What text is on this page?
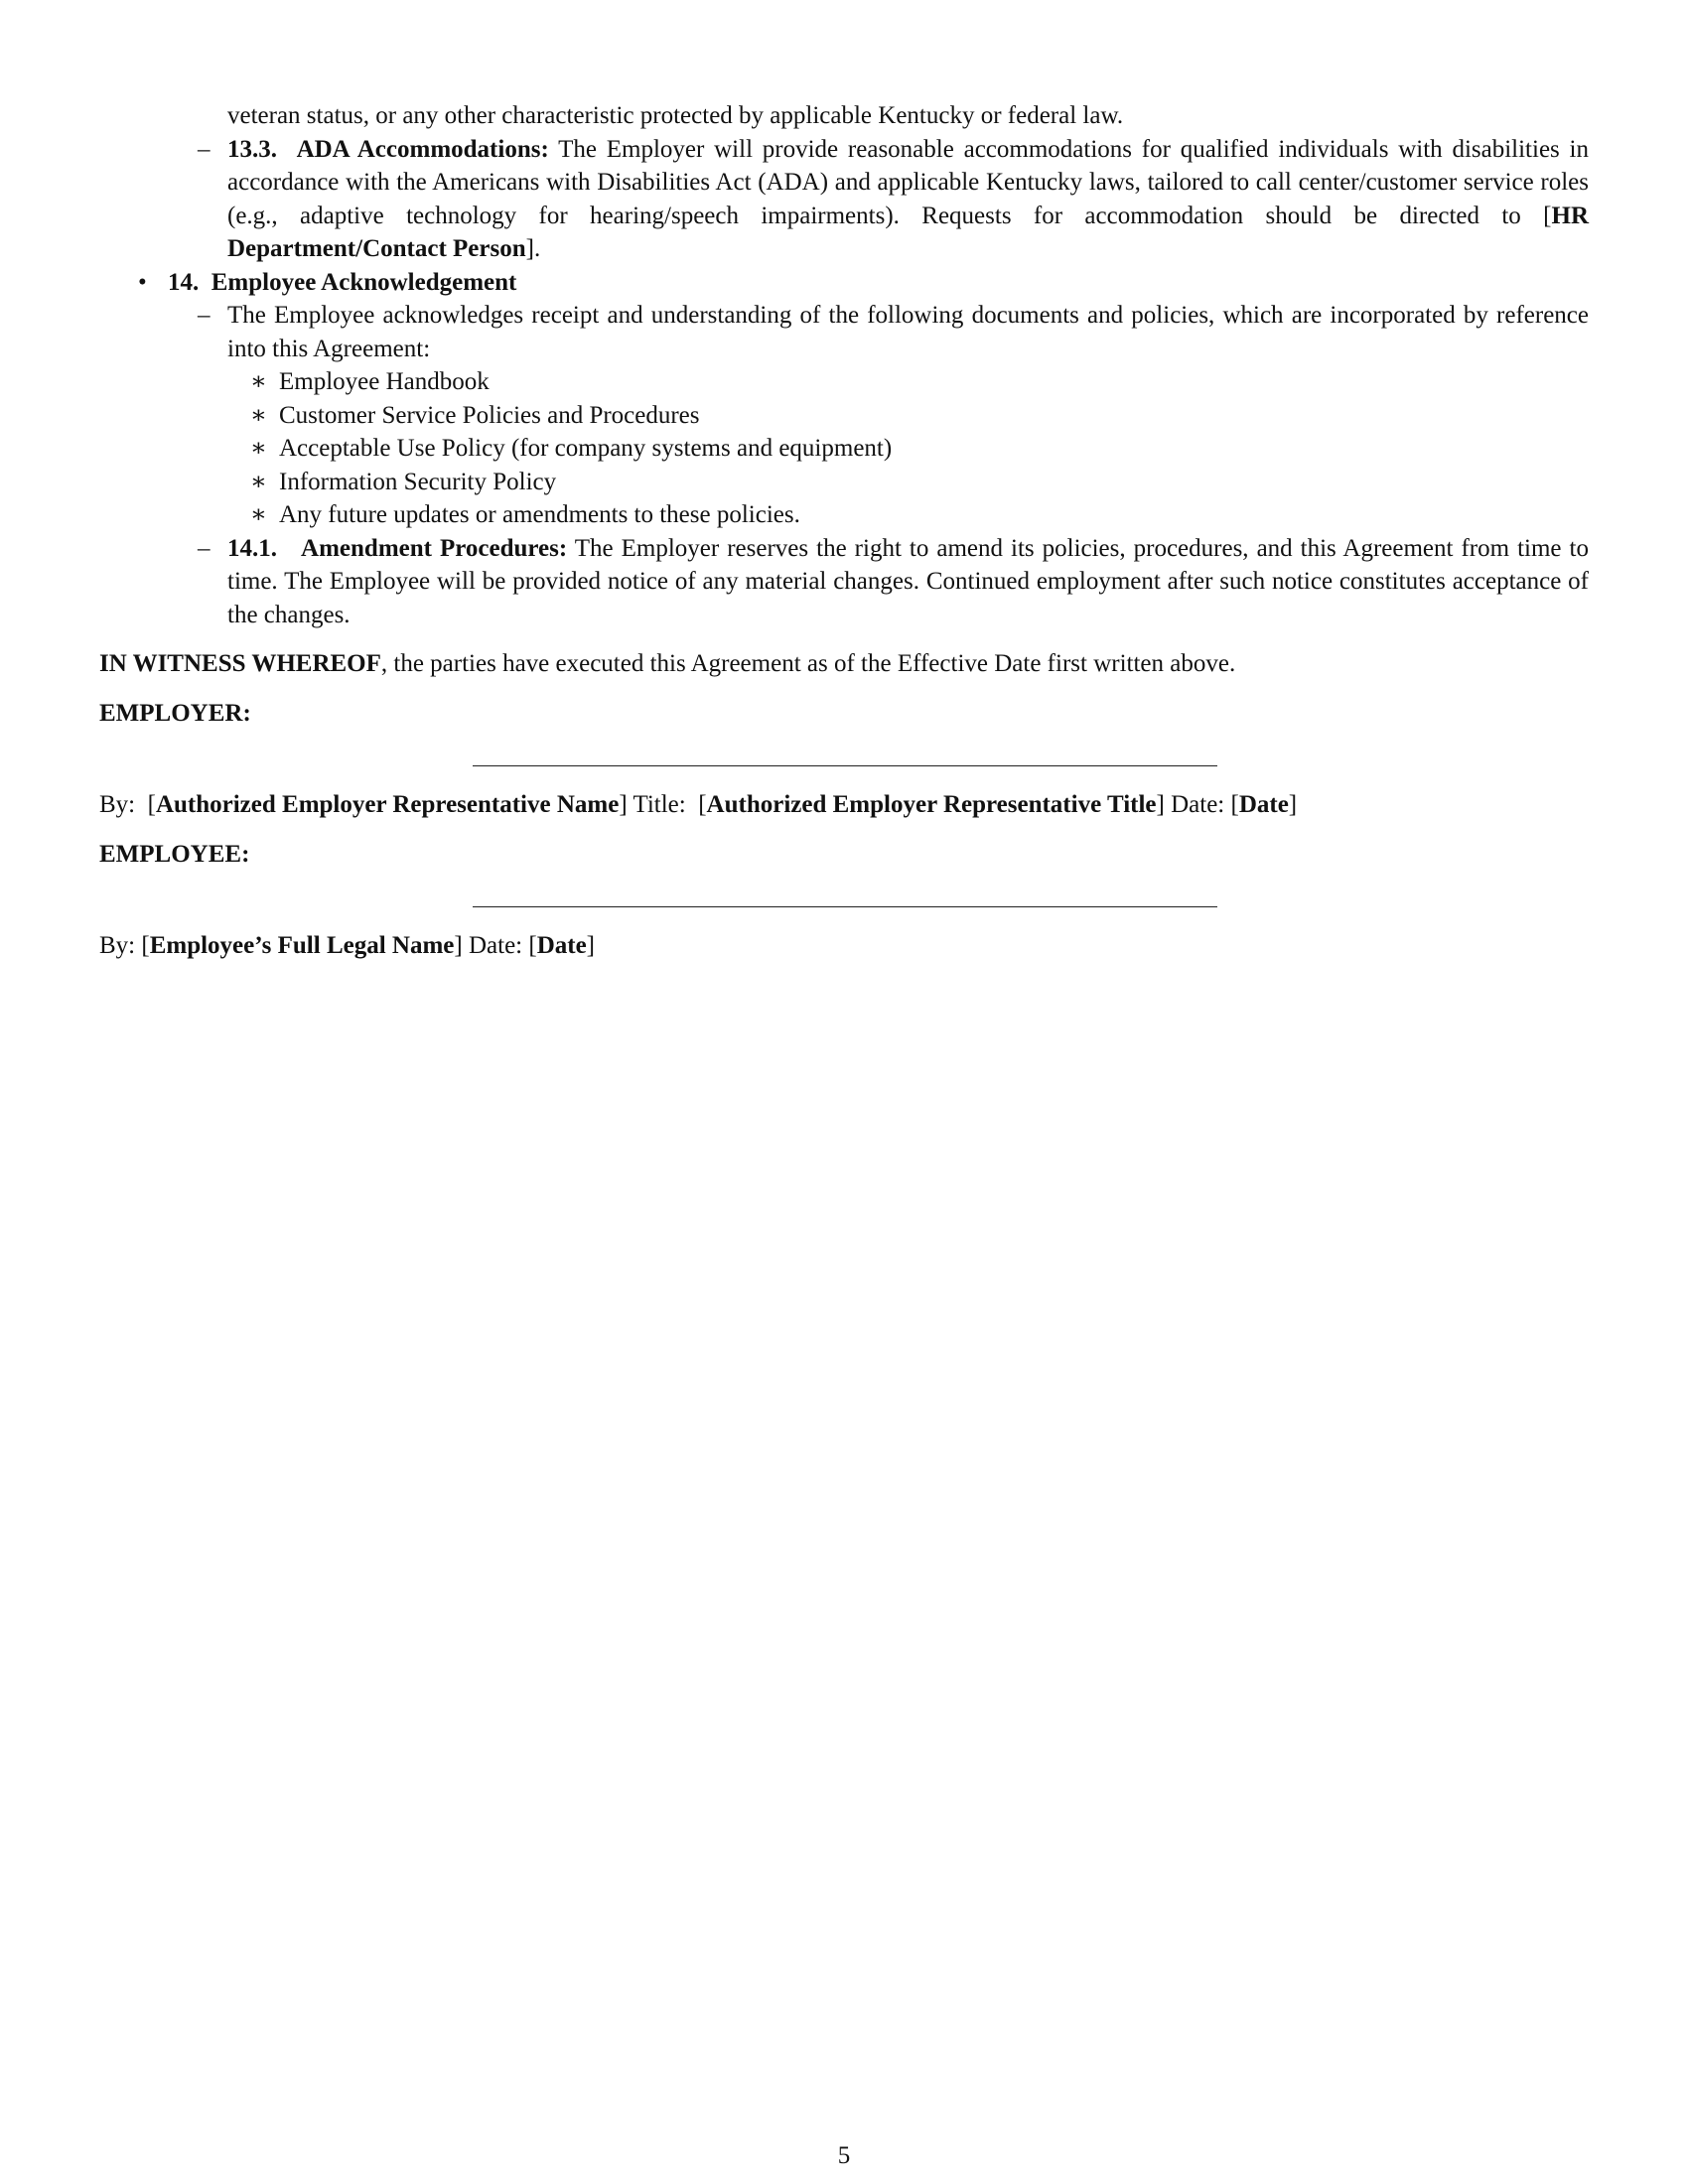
veteran status, or any other characteristic protected by applicable Kentucky or federal law.
– 13.3. ADA Accommodations: The Employer will provide reasonable accommodations for qualified individuals with disabilities in accordance with the Americans with Disabilities Act (ADA) and applicable Kentucky laws, tailored to call center/customer service roles (e.g., adaptive technology for hearing/speech impairments). Requests for accommodation should be directed to [HR Department/Contact Person].
• 14. Employee Acknowledgement
– The Employee acknowledges receipt and understanding of the following documents and policies, which are incorporated by reference into this Agreement:
∗ Employee Handbook
∗ Customer Service Policies and Procedures
∗ Acceptable Use Policy (for company systems and equipment)
∗ Information Security Policy
∗ Any future updates or amendments to these policies.
– 14.1. Amendment Procedures: The Employer reserves the right to amend its policies, procedures, and this Agreement from time to time. The Employee will be provided notice of any material changes. Continued employment after such notice constitutes acceptance of the changes.
IN WITNESS WHEREOF, the parties have executed this Agreement as of the Effective Date first written above.
EMPLOYER:
By:  [Authorized Employer Representative Name] Title:  [Authorized Employer Representative Title] Date: [Date]
EMPLOYEE:
By: [Employee’s Full Legal Name] Date: [Date]
5
